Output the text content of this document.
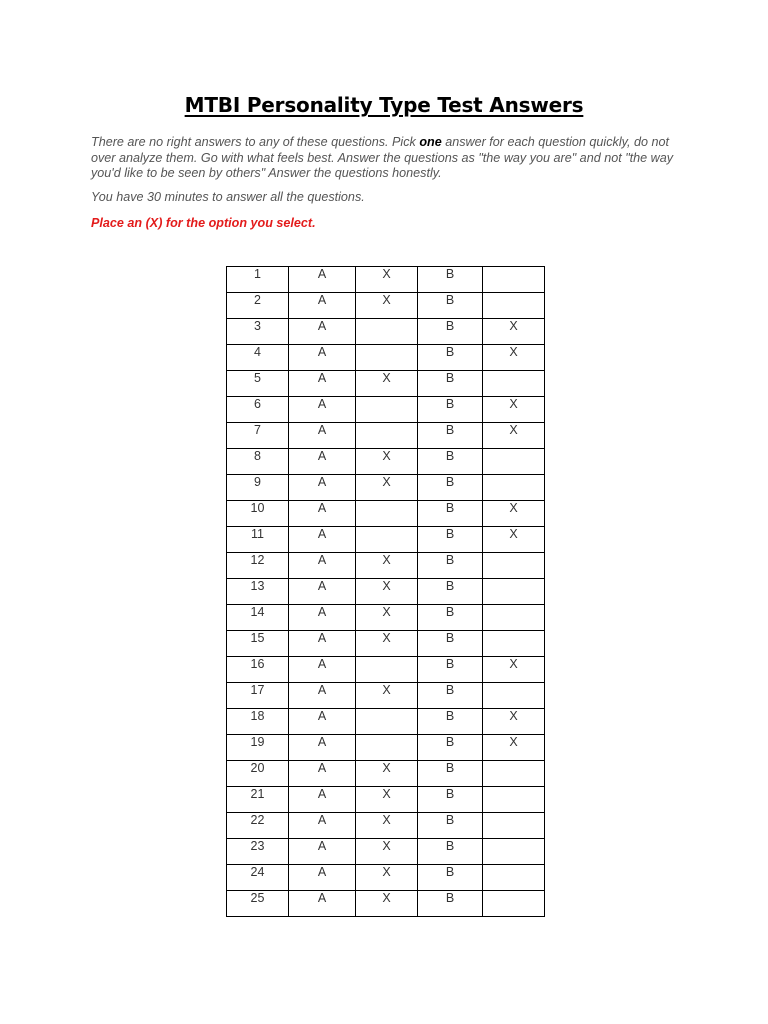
MTBI Personality Type Test Answers

There are no right answers to any of these questions. Pick one answer for each question quickly, do not over analyze them. Go with what feels best. Answer the questions as "the way you are" and not "the way you'd like to be seen by others" Answer the questions honestly.

You have 30 minutes to answer all the questions.

Place an (X) for the option you select.

1	A	X	B	
2	A	X	B	
3	A		B	X
4	A		B	X
5	A	X	B	
6	A		B	X
7	A		B	X
8	A	X	B	
9	A	X	B	
10	A		B	X
11	A		B	X
12	A	X	B	
13	A	X	B	
14	A	X	B	
15	A	X	B	
16	A		B	X
17	A	X	B	
18	A		B	X
19	A		B	X
20	A	X	B	
21	A	X	B	
22	A	X	B	
23	A	X	B	
24	A	X	B	
25	A	X	B	
